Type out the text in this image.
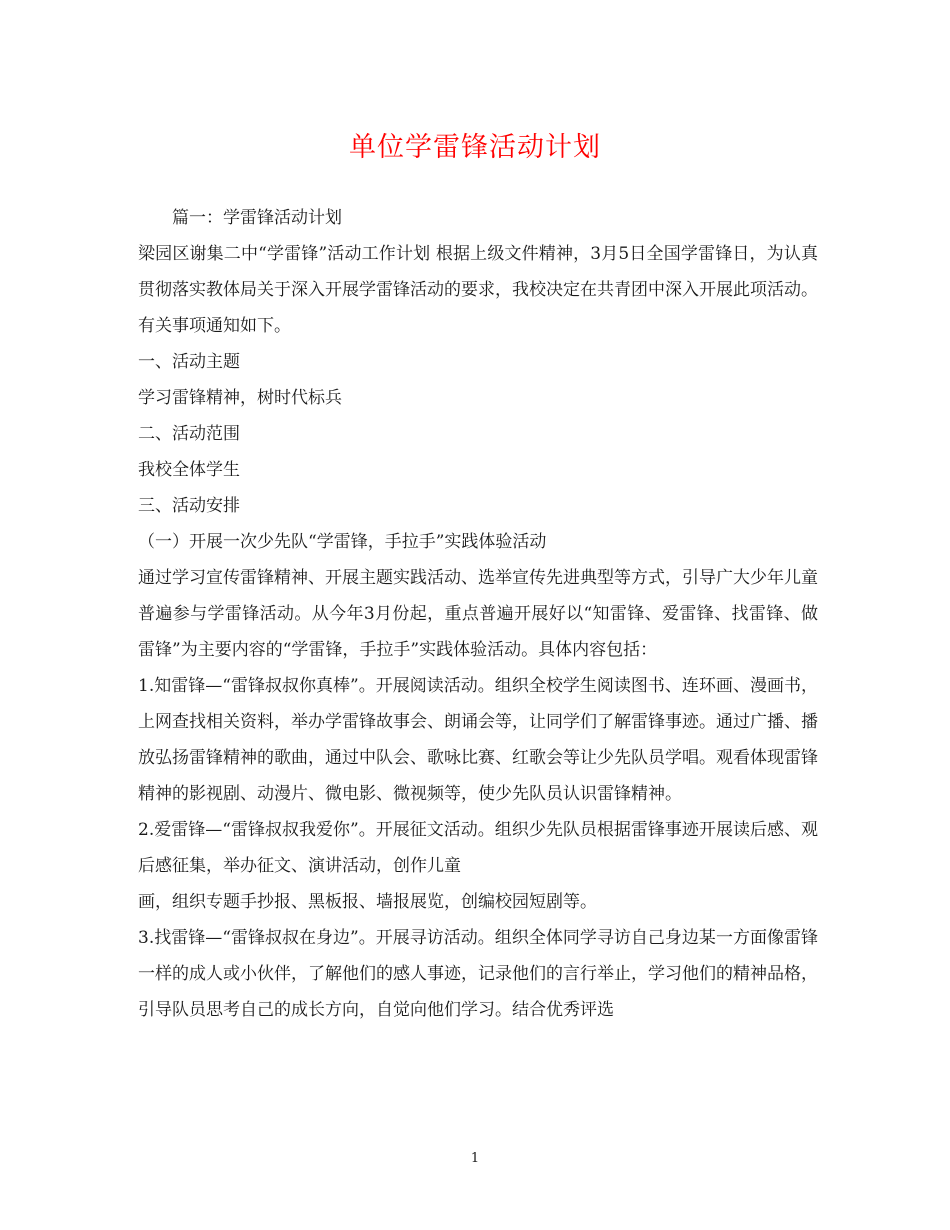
单位学雷锋活动计划

篇一：学雷锋活动计划

梁园区谢集二中“学雷锋”活动工作计划 根据上级文件精神，3月5日全国学雷锋日，为认真贯彻落实教体局关于深入开展学雷锋活动的要求，我校决定在共青团中深入开展此项活动。有关事项通知如下。

一、活动主题

学习雷锋精神，树时代标兵

二、活动范围

我校全体学生

三、活动安排

（一）开展一次少先队“学雷锋，手拉手”实践体验活动

通过学习宣传雷锋精神、开展主题实践活动、选举宣传先进典型等方式，引导广大少年儿童普遍参与学雷锋活动。从今年3月份起，重点普遍开展好以“知雷锋、爱雷锋、找雷锋、做雷锋”为主要内容的“学雷锋，手拉手”实践体验活动。具体内容包括：

1.知雷锋—“雷锋叔叔你真棒”。开展阅读活动。组织全校学生阅读图书、连环画、漫画书，上网查找相关资料，举办学雷锋故事会、朗诵会等，让同学们了解雷锋事迹。通过广播、播放弘扬雷锋精神的歌曲，通过中队会、歌咏比赛、红歌会等让少先队员学唱。观看体现雷锋精神的影视剧、动漫片、微电影、微视频等，使少先队员认识雷锋精神。

2.爱雷锋—“雷锋叔叔我爱你”。开展征文活动。组织少先队员根据雷锋事迹开展读后感、观后感征集，举办征文、演讲活动，创作儿童

画，组织专题手抄报、黑板报、墙报展览，创编校园短剧等。

3.找雷锋—“雷锋叔叔在身边”。开展寻访活动。组织全体同学寻访自己身边某一方面像雷锋一样的成人或小伙伴，了解他们的感人事迹，记录他们的言行举止，学习他们的精神品格，引导队员思考自己的成长方向，自觉向他们学习。结合优秀评选

1
